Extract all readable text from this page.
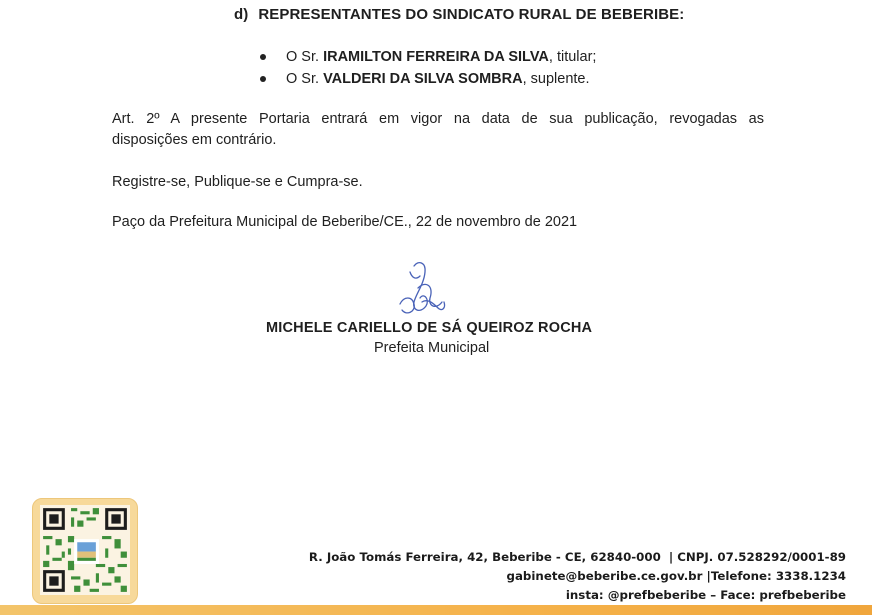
d) REPRESENTANTES DO SINDICATO RURAL DE BEBERIBE:
O Sr. IRAMILTON FERREIRA DA SILVA, titular;
O Sr. VALDERI DA SILVA SOMBRA, suplente.
Art. 2º A presente Portaria entrará em vigor na data de sua publicação, revogadas as
disposições em contrário.
Registre-se, Publique-se e Cumpra-se.
Paço da Prefeitura Municipal de Beberibe/CE., 22 de novembro de 2021
MICHELE CARIELLO DE SÁ QUEIROZ ROCHA
Prefeita Municipal
R. João Tomás Ferreira, 42, Beberibe - CE, 62840-000 | CNPJ. 07.528292/0001-89
gabinete@beberibe.ce.gov.br |Telefone: 3338.1234
insta: @prefbeberibe – Face: prefbeberibe
